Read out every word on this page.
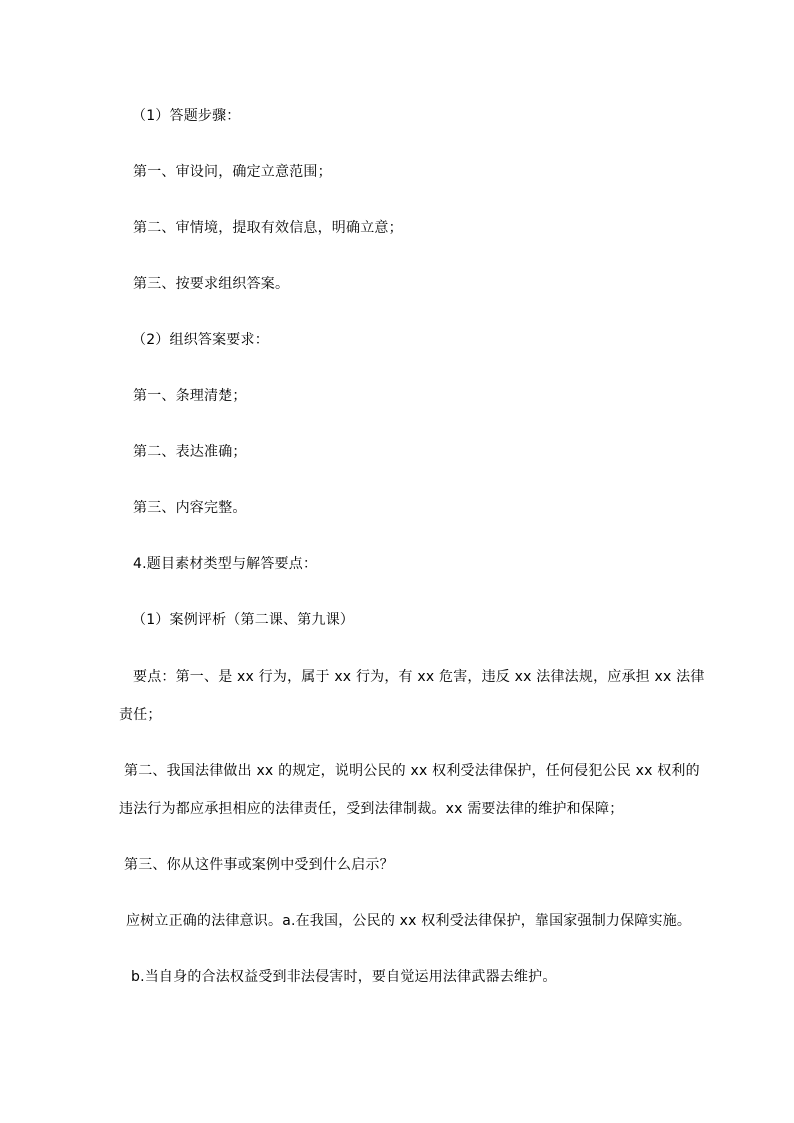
（1）答题步骤：
第一、审设问，确定立意范围；
第二、审情境，提取有效信息，明确立意；
第三、按要求组织答案。
（2）组织答案要求：
第一、条理清楚；
第二、表达准确；
第三、内容完整。
4.题目素材类型与解答要点：
（1）案例评析（第二课、第九课）
要点：第一、是 xx 行为，属于 xx 行为，有 xx 危害，违反 xx 法律法规，应承担 xx 法律
责任；
第二、我国法律做出 xx 的规定，说明公民的 xx 权利受法律保护，任何侵犯公民 xx 权利的
违法行为都应承担相应的法律责任，受到法律制裁。xx 需要法律的维护和保障；
第三、你从这件事或案例中受到什么启示？
应树立正确的法律意识。a.在我国，公民的 xx 权利受法律保护，靠国家强制力保障实施。
b.当自身的合法权益受到非法侵害时，要自觉运用法律武器去维护。
